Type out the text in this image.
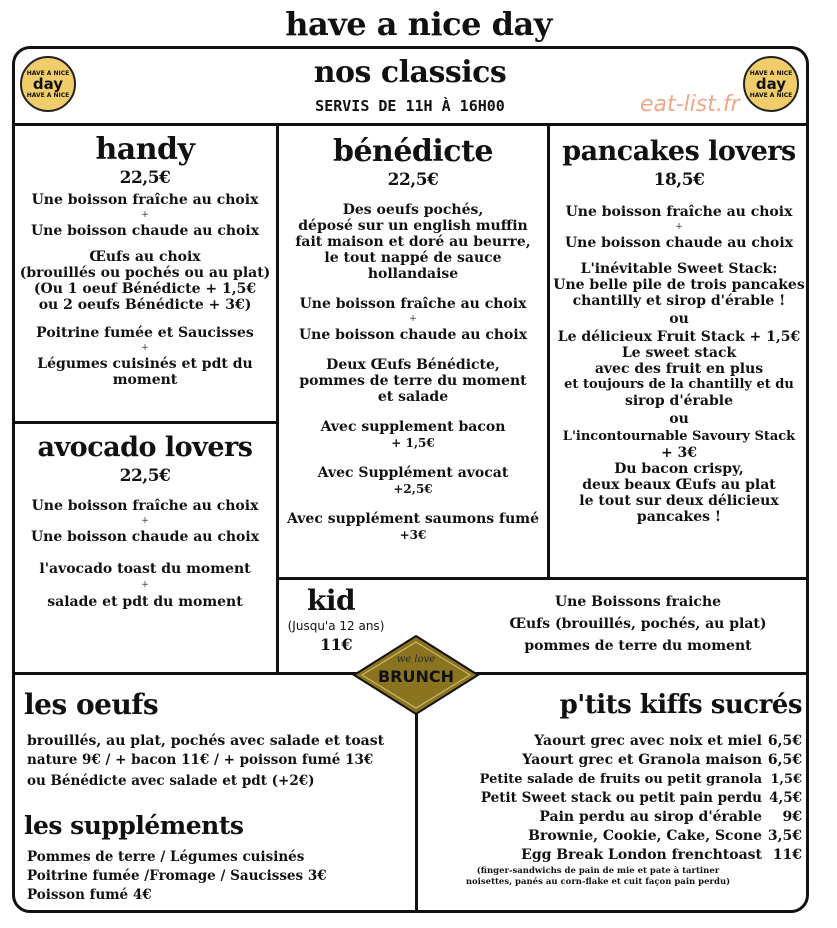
have a nice day
HAVE A NICE
day
HAVE A NICE
HAVE A NICE
day
HAVE A NICE
nos classics
SERVIS DE 11H À 16H00	eat-list.fr
handy
22,5€
Une boisson fraîche au choix
+
Une boisson chaude au choix
Œufs au choix
(brouillés ou pochés ou au plat)
(Ou 1 oeuf Bénédicte + 1,5€
ou 2 oeufs Bénédicte + 3€)
Poitrine fumée et Saucisses
+
Légumes cuisinés et pdt du
moment
bénédicte
22,5€
Des oeufs pochés,
déposé sur un english muffin
fait maison et doré au beurre,
le tout nappé de sauce hollandaise
Une boisson fraîche au choix
+
Une boisson chaude au choix
Deux Œufs Bénédicte,
pommes de terre du moment
et salade
Avec supplement bacon
+ 1,5€
Avec Supplément avocat
+2,5€
Avec supplément saumons fumé
+3€
pancakes lovers
18,5€
Une boisson fraîche au choix
+
Une boisson chaude au choix
L'inévitable Sweet Stack:
Une belle pile de trois pancakes
chantilly et sirop d'érable !
ou
Le délicieux Fruit Stack + 1,5€
Le sweet stack
avec des fruit en plus
et toujours de la chantilly et du
sirop d'érable
ou
L'incontournable Savoury Stack
+ 3€
Du bacon crispy,
deux beaux Œufs au plat
le tout sur deux délicieux
pancakes !
avocado lovers
22,5€
Une boisson fraîche au choix
+
Une boisson chaude au choix
l'avocado toast du moment
+
salade et pdt du moment	kid
(Jusqu'a 12 ans)
11€
Une Boissons fraiche
Œufs (brouillés, pochés, au plat)
pommes de terre du moment
we love
BRUNCH
les oeufs
brouillés, au plat, pochés avec salade et toast
nature 9€ / + bacon 11€ / + poisson fumé 13€
ou Bénédicte avec salade et pdt (+2€)
les suppléments
Pommes de terre / Légumes cuisinés
Poitrine fumée /Fromage / Saucisses 3€
Poisson fumé 4€
p'tits kiffs sucrés
Yaourt grec avec noix et miel 6,5€
Yaourt grec et Granola maison 6,5€
Petite salade de fruits ou petit granola 1,5€
Petit Sweet stack ou petit pain perdu 4,5€
Pain perdu au sirop d'érable	9€
Brownie, Cookie, Cake, Scone 3,5€
Egg Break London frenchtoast 11€
(finger-sandwichs de pain de mie et pate à tartiner
noisettes, panés au corn-flake et cuit façon pain perdu)
